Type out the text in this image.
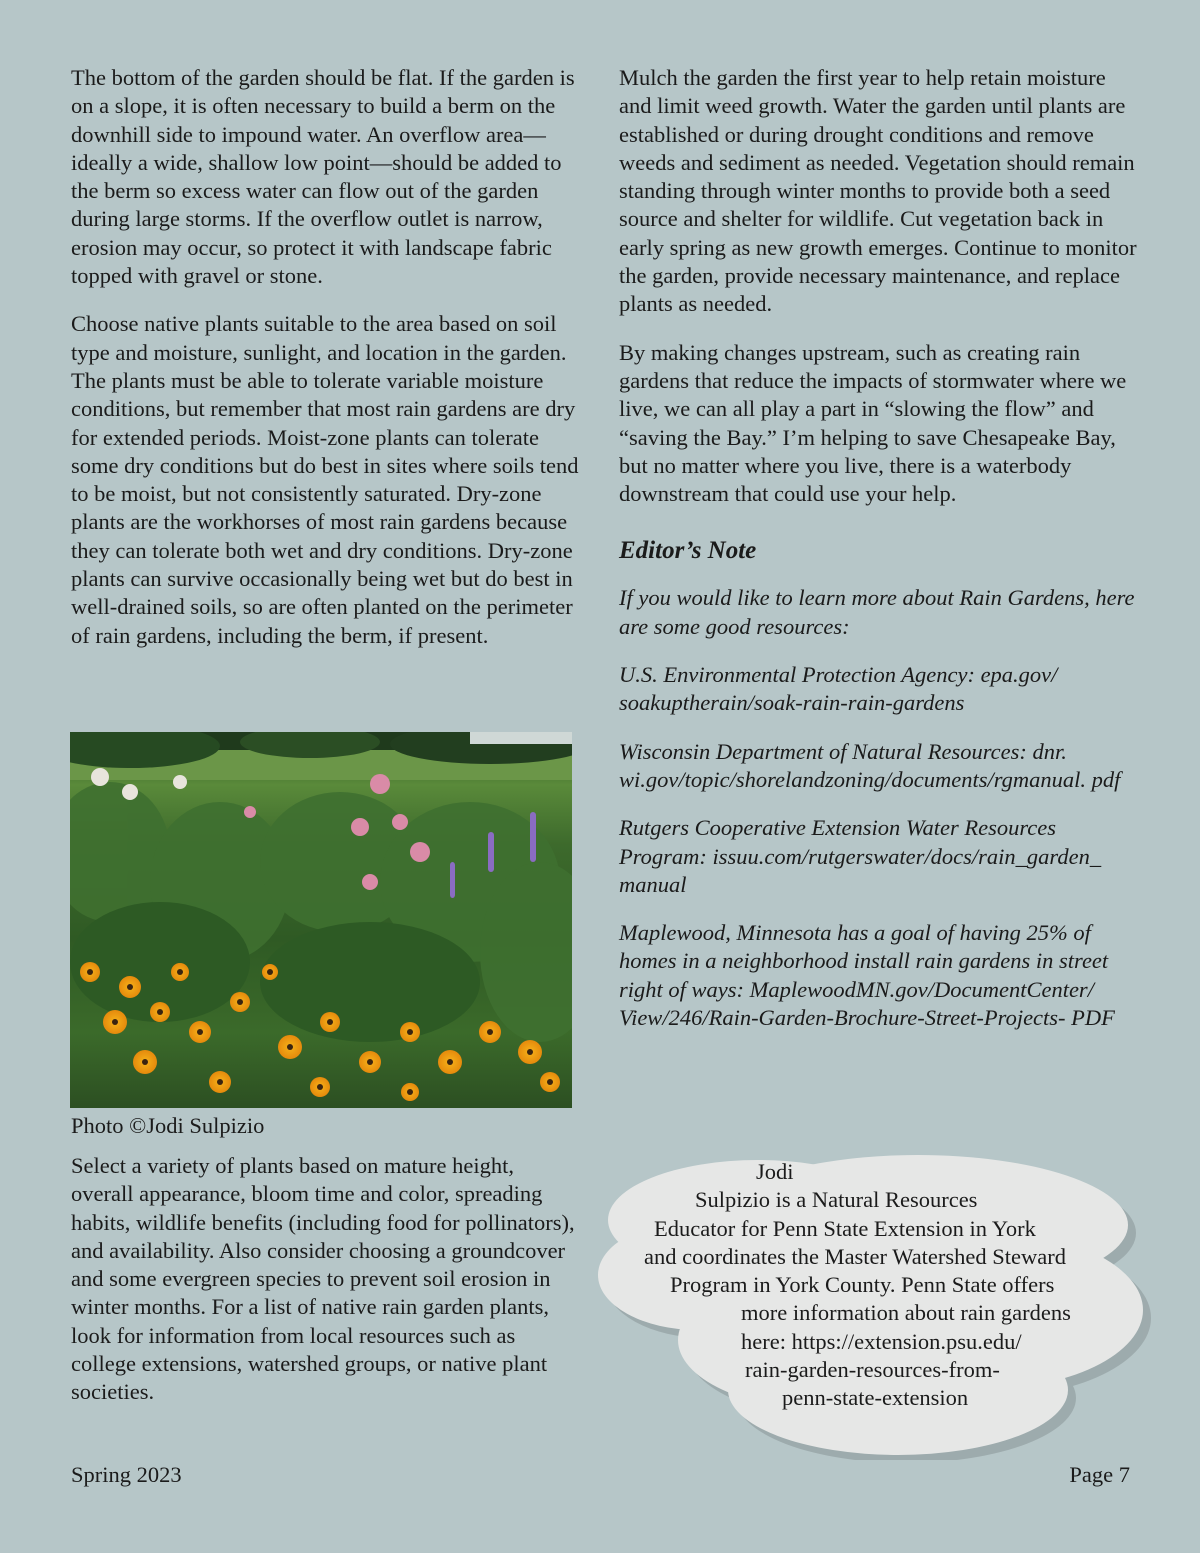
The bottom of the garden should be flat. If the garden is on a slope, it is often necessary to build a berm on the downhill side to impound water. An overflow area—ideally a wide, shallow low point—should be added to the berm so excess water can flow out of the garden during large storms. If the overflow outlet is narrow, erosion may occur, so protect it with landscape fabric topped with gravel or stone.

Choose native plants suitable to the area based on soil type and moisture, sunlight, and location in the garden. The plants must be able to tolerate variable moisture conditions, but remember that most rain gardens are dry for extended periods. Moist-zone plants can tolerate some dry conditions but do best in sites where soils tend to be moist, but not consistently saturated. Dry-zone plants are the workhorses of most rain gardens because they can tolerate both wet and dry conditions. Dry-zone plants can survive occasionally being wet but do best in well-drained soils, so are often planted on the perimeter of rain gardens, including the berm, if present.

Photo ©Jodi Sulpizio

Select a variety of plants based on mature height, overall appearance, bloom time and color, spreading habits, wildlife benefits (including food for pollinators), and availability. Also consider choosing a groundcover and some evergreen species to prevent soil erosion in winter months. For a list of native rain garden plants, look for information from local resources such as college extensions, watershed groups, or native plant societies.

Mulch the garden the first year to help retain moisture and limit weed growth. Water the garden until plants are established or during drought conditions and remove weeds and sediment as needed. Vegetation should remain standing through winter months to provide both a seed source and shelter for wildlife. Cut vegetation back in early spring as new growth emerges. Continue to monitor the garden, provide necessary maintenance, and replace plants as needed.

By making changes upstream, such as creating rain gardens that reduce the impacts of stormwater where we live, we can all play a part in “slowing the flow” and “saving the Bay.” I’m helping to save Chesapeake Bay, but no matter where you live, there is a waterbody downstream that could use your help.

Editor’s Note

If you would like to learn more about Rain Gardens, here are some good resources:

U.S. Environmental Protection Agency: epa.gov/ soakuptherain/soak-rain-rain-gardens

Wisconsin Department of Natural Resources: dnr. wi.gov/topic/shorelandzoning/documents/rgmanual. pdf

Rutgers Cooperative Extension Water Resources Program: issuu.com/rutgerswater/docs/rain_garden_ manual

Maplewood, Minnesota has a goal of having 25% of homes in a neighborhood install rain gardens in street right of ways: MaplewoodMN.gov/DocumentCenter/ View/246/Rain-Garden-Brochure-Street-Projects- PDF

Jodi
Sulpizio is a Natural Resources
Educator for Penn State Extension in York
and coordinates the Master Watershed Steward
Program in York County. Penn State offers
more information about rain gardens
here: https://extension.psu.edu/
rain-garden-resources-from-
penn-state-extension

Spring 2023	Page 7
